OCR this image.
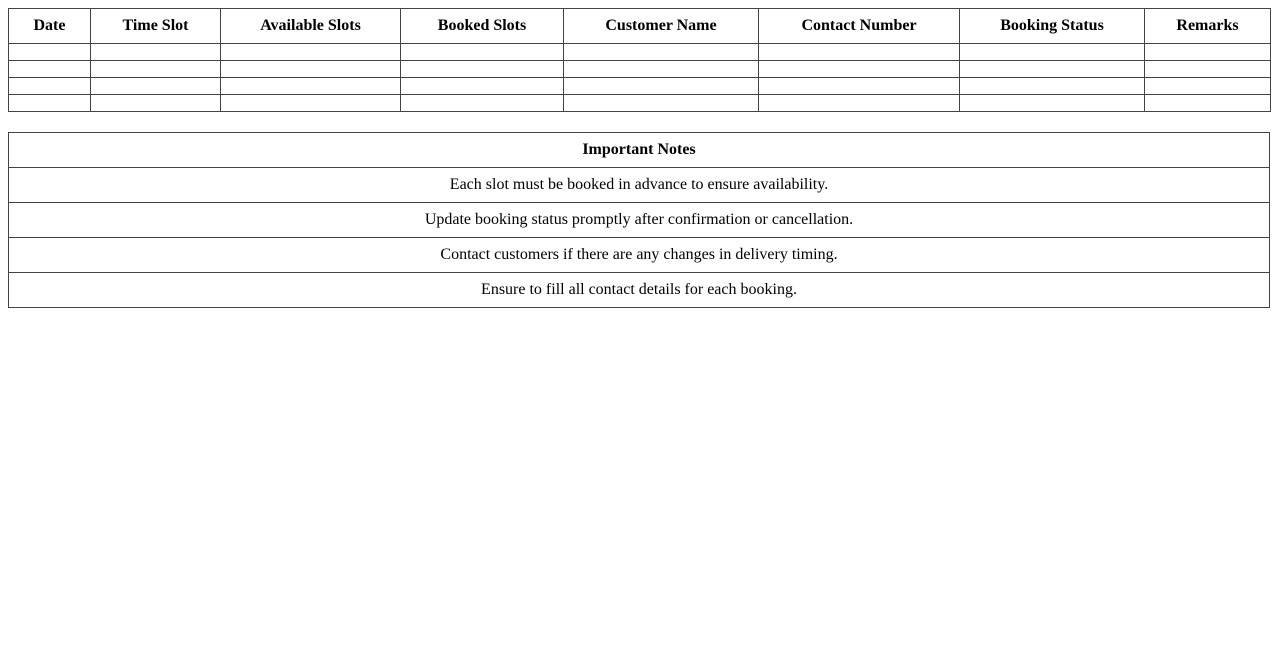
Date	Time Slot	Available Slots	Booked Slots	Customer Name	Contact Number	Booking Status	Remarks

Important Notes
Each slot must be booked in advance to ensure availability.
Update booking status promptly after confirmation or cancellation.
Contact customers if there are any changes in delivery timing.
Ensure to fill all contact details for each booking.
